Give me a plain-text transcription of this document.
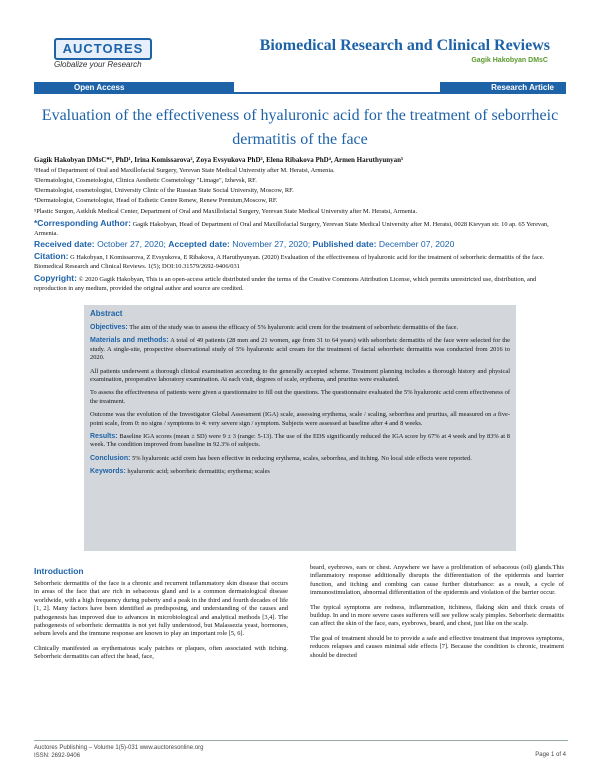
AUCTORES
Globalize your Research
Biomedical Research and Clinical Reviews
Gagik Hakobyan DMsC
Open Access	Research Article
Evaluation of the effectiveness of hyaluronic acid for the treatment of seborrheic dermatitis of the face
Gagik Hakobyan DMsC*¹, PhD¹, Irina Komissarova², Zoya Evsyukova PhD³, Elena Ribakova PhD⁴, Armen Haruthyunyan⁵
¹Head of Department of Oral and Maxillofacial Surgery, Yerevan State Medical University after M. Heratsi, Armenia.
²Dermatologist, Cosmetologist, Clinica Aesthetic Cosmetology "Limage", Izhevsk, RF.
³Dermatologist, cosmetologist, University Clinic of the Russian State Social University, Moscow, RF.
⁴Dermatologist, Cosmetologist, Head of Esthetic Centre Renew, Renew Premium,Moscow, RF.
⁵Plastic Surgon, Astkhik Medical Center, Department of Oral and Maxillofacial Surgery, Yerevan State Medical University after M. Heratsi, Armenia.
*Corresponding Author: Gagik Hakobyan, Head of Department of Oral and Maxillofacial Surgery, Yerevan State Medical University after M. Heratsi, 0028 Kievyan str. 10 ap. 65 Yerevan, Armenia.
Received date: October 27, 2020; Accepted date: November 27, 2020; Published date: December 07, 2020
Citation: G Hakobyan, I Komissarova, Z Evsyukova, E Ribakova, A Haruthyunyan. (2020) Evaluation of the effectiveness of hyaluronic acid for the treatment of seborrheic dermatitis of the face. Biomedical Research and Clinical Reviews. 1(5); DOI:10.31579/2692-9406/031
Copyright: © 2020 Gagik Hakobyan, This is an open-access article distributed under the terms of the Creative Commons Attribution License, which permits unrestricted use, distribution, and reproduction in any medium, provided the original author and source are credited.
Abstract

Objectives: The aim of the study was to assess the efficacy of 5% hyaluronic acid crem for the treatment of seborrheic dermatitis of the face.

Materials and methods: A total of 49 patients (28 men and 21 women, age from 31 to 64 years) with seborrheic dermatitis of the face were selected for the study. A single-site, prospective observational study of 5% hyaluronic acid cream for the treatment of facial seborrheic dermatitis was conducted from 2016 to 2020.

All patients underwent a thorough clinical examination according to the generally accepted scheme. Treatment planning includes a thorough history and physical examination, preoperative laboratory examination. At each visit, degrees of scale, erythema, and pruritus were evaluated.

To assess the effectiveness of patients were given a questionnaire to fill out the questions. The questionnaire evaluated the 5% hyaluronic acid crem effectiveness of the treatment.

Outcome was the evolution of the Investigator Global Assessment (IGA) scale, assessing erythema, scale / scaling, seborrhea and pruritus, all measured on a five-point scale, from 0: no signs / symptoms to 4: very severe sign / symptom. Subjects were assessed at baseline after 4 and 8 weeks.

Results: Baseline IGA scores (mean ± SD) were 9 ± 3 (range: 5-13). The use of the EDS significantly reduced the IGA score by 67% at 4 week and by 83% at 8 week. The condition improved from baseline in 92.3% of subjects.

Conclusion: 5% hyaluronic acid crem has been effective in reducing erythema, scales, seborrhea, and itching. No local side effects were reported.

Keywords: hyaluronic acid; seborrheic dermatitis; erythema; scales

Introduction

Seborrheic dermatitis of the face is a chronic and recurrent inflammatory skin disease that occurs in areas of the face that are rich in sebaceous gland and is a common dermatological disease worldwide, with a high frequency during puberty and a peak in the third and fourth decades of life [1, 2]. Many factors have been identified as predisposing, and understanding of the causes and pathogenesis has improved due to advances in microbiological and analytical methods [3,4]. The pathogenesis of seborrheic dermatitis is not yet fully understood, but Malassezia yeast, hormones, sebum levels and the immune response are known to play an important role [5, 6].

Clinically manifested as erythematous scaly patches or plaques, often associated with itching. Seborrheic dermatitis can affect the head, face,

beard, eyebrows, ears or chest. Anywhere we have a proliferation of sebaceous (oil) glands.This inflammatory response additionally disrupts the differentiation of the epidermis and barrier function, and itching and combing can cause further disturbance: as a result, a cycle of immunostimulation, abnormal differentiation of the epidermis and violation of the barrier occur.

The typical symptoms are redness, inflammation, itchiness, flaking skin and thick crusts of buildup. In and in more severe cases sufferers will see yellow scaly pimples. Seborrheic dermatitis can affect the skin of the face, ears, eyebrows, beard, and chest, just like on the scalp.

The goal of treatment should be to provide a safe and effective treatment that improves symptoms, reduces relapses and causes minimal side effects [7]. Because the condition is chronic, treatment should be directed

Auctores Publishing – Volume 1(5)-031 www.auctoresonline.org
ISSN: 2692-9406	Page 1 of 4
